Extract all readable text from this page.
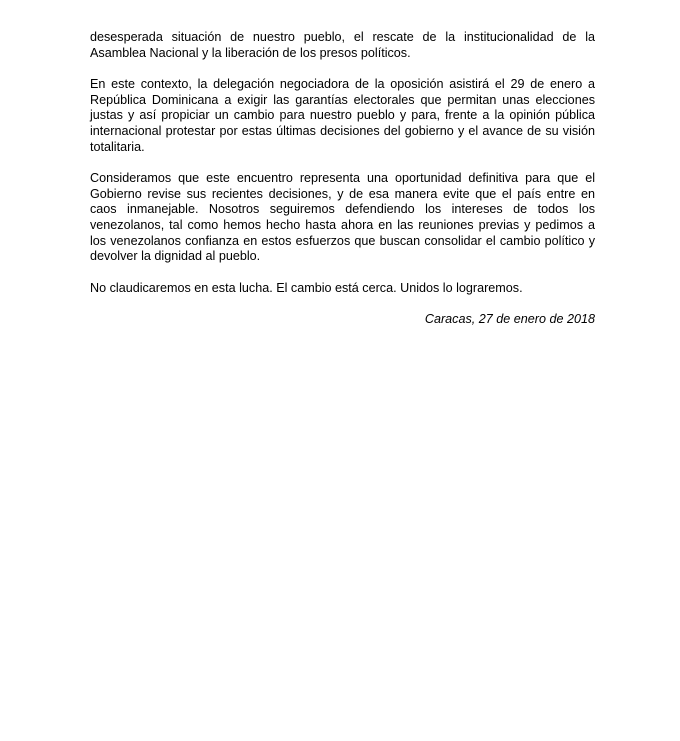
desesperada situación de nuestro pueblo, el rescate de la institucionalidad de la Asamblea Nacional y la liberación de los presos políticos.

En este contexto, la delegación negociadora de la oposición asistirá el 29 de enero a República Dominicana a exigir las garantías electorales que permitan unas elecciones justas y así propiciar un cambio para nuestro pueblo y para, frente a la opinión pública internacional protestar por estas últimas decisiones del gobierno y el avance de su visión totalitaria.

Consideramos que este encuentro representa una oportunidad definitiva para que el Gobierno revise sus recientes decisiones, y de esa manera evite que el país entre en caos inmanejable. Nosotros seguiremos defendiendo los intereses de todos los venezolanos, tal como hemos hecho hasta ahora en las reuniones previas y pedimos a los venezolanos confianza en estos esfuerzos que buscan consolidar el cambio político y devolver la dignidad al pueblo.

No claudicaremos en esta lucha. El cambio está cerca. Unidos lo lograremos.

Caracas, 27 de enero de 2018
